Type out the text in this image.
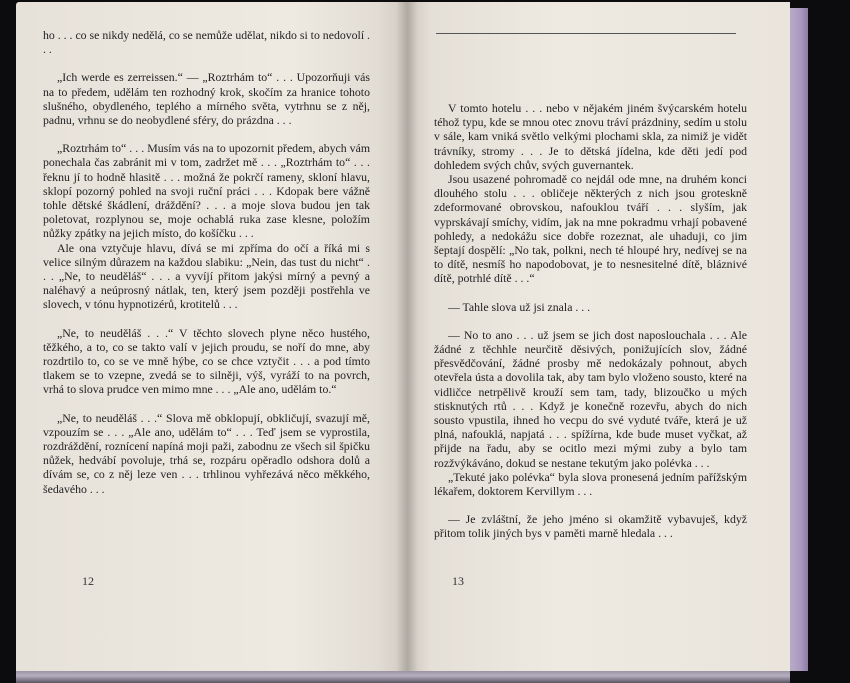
ho . . . co se nikdy nedělá, co se nemůže udělat, nikdo si to nedovolí . . .

„Ich werde es zerreissen.“ — „Roztrhám to“ . . . Upozorňuji vás na to předem, udělám ten rozhodný krok, skočím za hranice tohoto slušného, obydleného, teplého a mírného světa, vytrhnu se z něj, padnu, vrhnu se do neobydlené sféry, do prázdna . . .

„Roztrhám to“ . . . Musím vás na to upozornit předem, abych vám ponechala čas zabránit mi v tom, zadržet mě . . . „Roztrhám to“ . . . řeknu jí to hodně hlasitě . . . možná že pokrčí rameny, skloní hlavu, sklopí pozorný pohled na svoji ruční práci . . . Kdopak bere vážně tohle dětské škádlení, dráždění? . . . a moje slova budou jen tak poletovat, rozplynou se, moje ochablá ruka zase klesne, položím nůžky zpátky na jejich místo, do košíčku . . .

Ale ona vztyčuje hlavu, dívá se mi zpříma do očí a říká mi s velice silným důrazem na každou slabiku: „Nein, das tust du nicht“ . . . „Ne, to neuděláš“ . . . a vyvíjí přitom jakýsi mírný a pevný a naléhavý a neúprosný nátlak, ten, který jsem později postřehla ve slovech, v tónu hypnotizérů, krotitelů . . .

„Ne, to neuděláš . . .“ V těchto slovech plyne něco hustého, těžkého, a to, co se takto valí v jejich proudu, se noří do mne, aby rozdrtilo to, co se ve mně hýbe, co se chce vztyčit . . . a pod tímto tlakem se to vzepne, zvedá se to silněji, výš, vyráží to na povrch, vrhá to slova prudce ven mimo mne . . . „Ale ano, udělám to.“

„Ne, to neuděláš . . .“ Slova mě obklopují, obkličují, svazují mě, vzpouzím se . . . „Ale ano, udělám to“ . . . Teď jsem se vyprostila, rozdráždění, roznícení napíná moji paži, zabodnu ze všech sil špičku nůžek, hedvábí povoluje, trhá se, rozpáru opěradlo odshora dolů a dívám se, co z něj leze ven . . . trhlinou vyhřezává něco měkkého, šedavého . . .

12

V tomto hotelu . . . nebo v nějakém jiném švýcarském hotelu téhož typu, kde se mnou otec znovu tráví prázdniny, sedím u stolu v sále, kam vniká světlo velkými plochami skla, za nimiž je vidět trávníky, stromy . . . Je to dětská jídelna, kde děti jedí pod dohledem svých chův, svých guvernantek.

Jsou usazené pohromadě co nejdál ode mne, na druhém konci dlouhého stolu . . . obličeje některých z nich jsou groteskně zdeformované obrovskou, nafouklou tváří . . . slyším, jak vyprskávají smíchy, vidím, jak na mne pokradmu vrhají pobavené pohledy, a nedokážu sice dobře rozeznat, ale uhaduji, co jim šeptají dospělí: „No tak, polkni, nech té hloupé hry, nedívej se na to dítě, nesmíš ho napodobovat, je to nesnesitelné dítě, bláznivé dítě, potrhlé dítě . . .“

— Tahle slova už jsi znala . . .

— No to ano . . . už jsem se jich dost naposlouchala . . . Ale žádné z těchhle neurčitě děsivých, ponižujících slov, žádné přesvědčování, žádné prosby mě nedokázaly pohnout, abych otevřela ústa a dovolila tak, aby tam bylo vloženo sousto, které na vidličce netrpělivě krouží sem tam, tady, blizoučko u mých stisknutých rtů . . . Když je konečně rozevřu, abych do nich sousto vpustila, ihned ho vecpu do své vyduté tváře, která je už plná, nafouklá, napjatá . . . spížírna, kde bude muset vyčkat, až přijde na řadu, aby se ocitlo mezi mými zuby a bylo tam rozžvýkáváno, dokud se nestane tekutým jako polévka . . .

„Tekuté jako polévka“ byla slova pronesená jedním pařížským lékařem, doktorem Kervillym . . .

— Je zvláštní, že jeho jméno si okamžitě vybavuješ, když přitom tolik jiných bys v paměti marně hledala . . .

13
